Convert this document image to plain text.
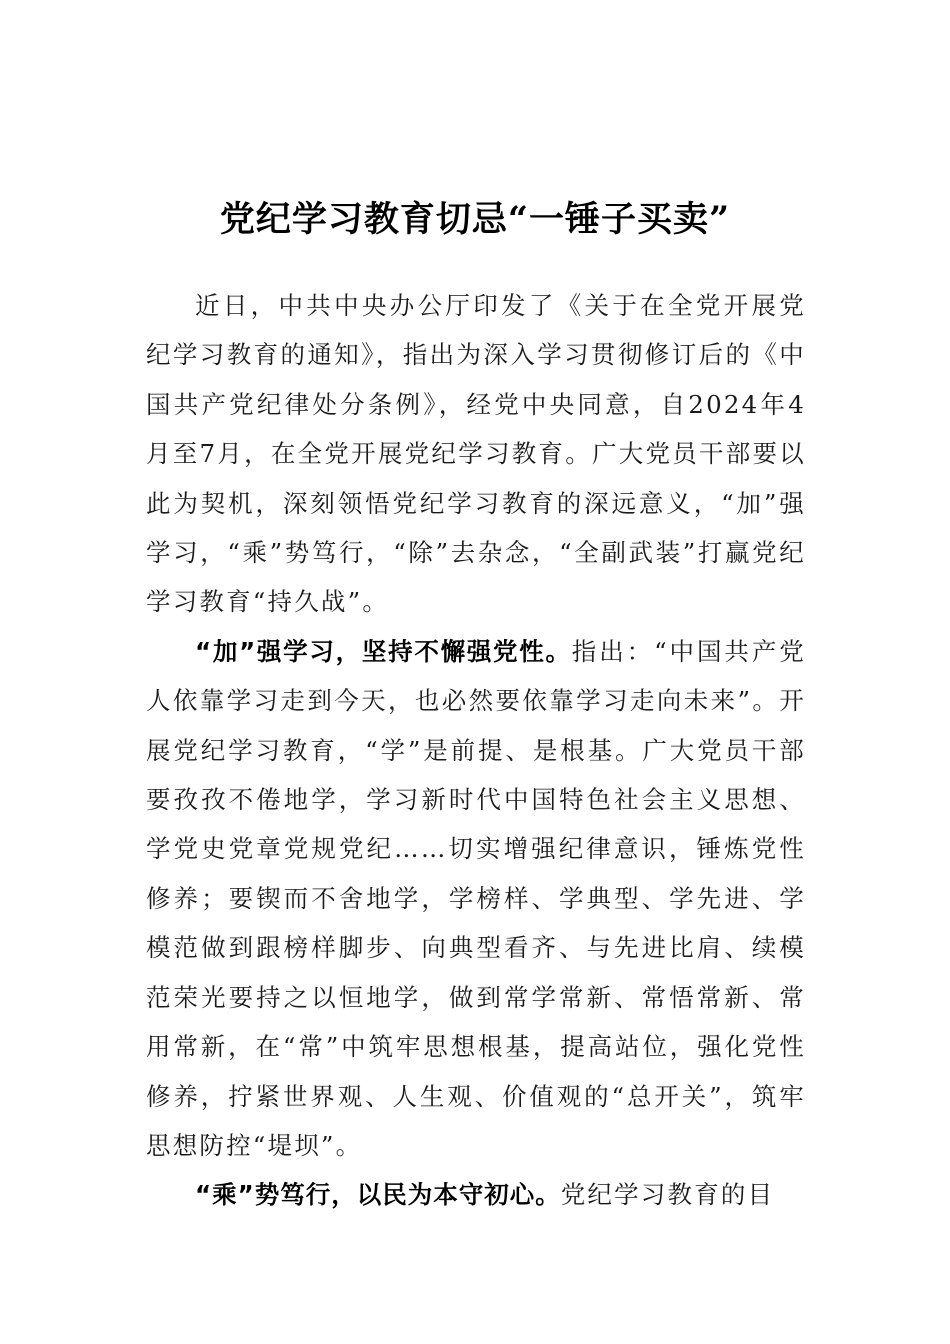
党纪学习教育切忌“一锤子买卖”

近日，中共中央办公厅印发了《关于在全党开展党纪学习教育的通知》，指出为深入学习贯彻修订后的《中国共产党纪律处分条例》，经党中央同意，自2024年4月至7月，在全党开展党纪学习教育。广大党员干部要以此为契机，深刻领悟党纪学习教育的深远意义，“加”强学习，“乘”势笃行，“除”去杂念，“全副武装”打赢党纪学习教育“持久战”。

“加”强学习，坚持不懈强党性。指出：“中国共产党人依靠学习走到今天，也必然要依靠学习走向未来”。开展党纪学习教育，“学”是前提、是根基。广大党员干部要孜孜不倦地学，学习新时代中国特色社会主义思想、学党史党章党规党纪……切实增强纪律意识，锤炼党性修养；要锲而不舍地学，学榜样、学典型、学先进、学模范做到跟榜样脚步、向典型看齐、与先进比肩、续模范荣光要持之以恒地学，做到常学常新、常悟常新、常用常新，在“常”中筑牢思想根基，提高站位，强化党性修养，拧紧世界观、人生观、价值观的“总开关”，筑牢思想防控“堤坝”。

“乘”势笃行，以民为本守初心。党纪学习教育的目
